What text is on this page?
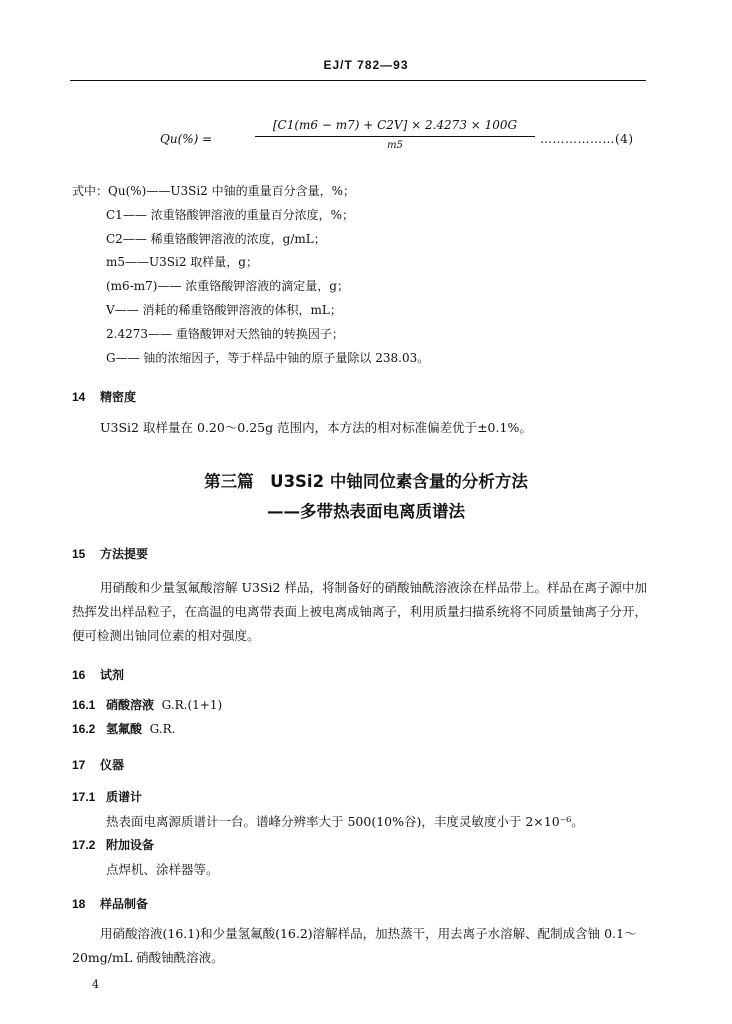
EJ/T 782—93
Qu(%) =
[C1(m6 − m7) + C2V] × 2.4273 × 100G
m5	………………(4)
式中：Qu(%)——U3Si2 中铀的重量百分含量，%；
C1—— 浓重铬酸钾溶液的重量百分浓度，%；
C2—— 稀重铬酸钾溶液的浓度，g/mL；
m5——U3Si2 取样量，g；
(m6-m7)—— 浓重铬酸钾溶液的滴定量，g；
V—— 消耗的稀重铬酸钾溶液的体积，mL；
2.4273—— 重铬酸钾对天然铀的转换因子；
G—— 铀的浓缩因子，等于样品中铀的原子量除以 238.03。
14 精密度
U3Si2 取样量在 0.20～0.25g 范围内，本方法的相对标准偏差优于±0.1%。
第三篇　U3Si2 中铀同位素含量的分析方法
——多带热表面电离质谱法
15 方法提要
用硝酸和少量氢氟酸溶解 U3Si2 样品，将制备好的硝酸铀酰溶液涂在样品带上。样品在离子源中加热挥发出样品粒子，在高温的电离带表面上被电离成铀离子，利用质量扫描系统将不同质量铀离子分开，便可检测出铀同位素的相对强度。
16 试剂
16.1 硝酸溶液 G.R.(1+1)
16.2 氢氟酸 G.R.
17 仪器
17.1 质谱计
热表面电离源质谱计一台。谱峰分辨率大于 500(10%谷)，丰度灵敏度小于 2×10⁻⁶。
17.2 附加设备
点焊机、涂样器等。
18 样品制备
用硝酸溶液(16.1)和少量氢氟酸(16.2)溶解样品，加热蒸干，用去离子水溶解、配制成含铀 0.1～20mg/mL 硝酸铀酰溶液。
4
